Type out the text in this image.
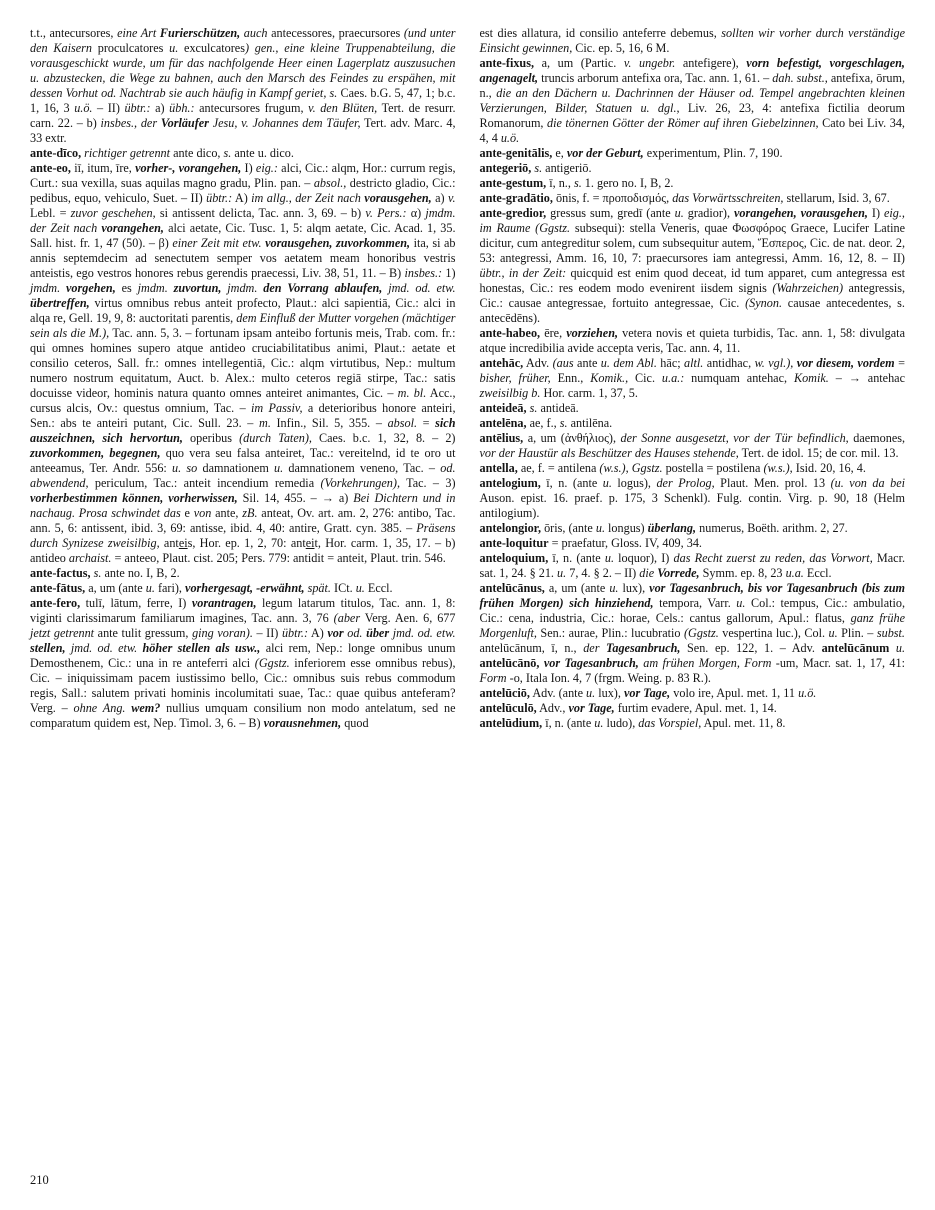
t.t., antecursores, eine Art Furierschützen, auch antecessores, praecursores (und unter den Kaisern proculcatores u. exculcatores) gen., eine kleine Truppenabteilung, die vorausgeschickt wurde, um für das nachfolgende Heer einen Lagerplatz auszusuchen u. abzustecken, die Wege zu bahnen, auch den Marsch des Feindes zu erspähen, mit dessen Vorhut od. Nachtrab sie auch häufig in Kampf geriet, s. Caes. b.G. 5, 47, 1; b.c. 1, 16, 3 u.ö. – II) übtr.: a) übh.: antecursores frugum, v. den Blüten, Tert. de resurr. carn. 22. – b) insbes., der Vorläufer Jesu, v. Johannes dem Täufer, Tert. adv. Marc. 4, 33 extr.

ante-dīco, richtiger getrennt ante dico, s. ante u. dico.

ante-eo, iī, itum, īre, vorher-, vorangehen, I) eig.: alci, Cic.: alqm, Hor.: currum regis, Curt.: sua vexilla, suas aquilas magno gradu, Plin. pan. – absol., destricto gladio, Cic.: pedibus, equo, vehiculo, Suet. – II) übtr.: A) im allg., der Zeit nach vorausgehen, a) v. Lebl. = zuvor geschehen, si antissent delicta, Tac. ann. 3, 69. – b) v. Pers.: α) jmdm. der Zeit nach vorangehen, alci aetate, Cic. Tusc. 1, 5: alqm aetate, Cic. Acad. 1, 35. Sall. hist. fr. 1, 47 (50). – β) einer Zeit mit etw. vorausgehen, zuvorkommen, ita, si ab annis septemdecim ad senectutem semper vos aetatem meam honoribus vestris anteistis, ego vestros honores rebus gerendis praecessi, Liv. 38, 51, 11. – B) insbes.: 1) jmdm. vorgehen, es jmdm. zuvortun, jmdm. den Vorrang ablaufen, jmd. od. etw. übertreffen, virtus omnibus rebus anteit profecto, Plaut.: alci sapientiā, Cic.: alci in alqa re, Gell. 19, 9, 8: auctoritati parentis, dem Einfluß der Mutter vorgehen (mächtiger sein als die M.), Tac. ann. 5, 3. – fortunam ipsam anteibo fortunis meis, Trab. com. fr.: qui omnes homines supero atque antideo cruciabilitatibus animi, Plaut.: aetate et consilio ceteros, Sall. fr.: omnes intellegentiā, Cic.: alqm virtutibus, Nep.: multum numero nostrum equitatum, Auct. b. Alex.: multo ceteros regiā stirpe, Tac.: satis docuisse videor, hominis natura quanto omnes anteiret animantes, Cic. – m. bl. Acc., cursus alcis, Ov.: questus omnium, Tac. – im Passiv, a deterioribus honore anteiri, Sen.: abs te anteiri putant, Cic. Sull. 23. – m. Infin., Sil. 5, 355. – absol. = sich auszeichnen, sich hervortun, operibus (durch Taten), Caes. b.c. 1, 32, 8. – 2) zuvorkommen, begegnen, quo vera seu falsa anteiret, Tac.: vereitelnd, id te oro ut anteeamus, Ter. Andr. 556: u. so damnationem u. damnationem veneno, Tac. – od. abwendend, periculum, Tac.: anteit incendium remedia (Vorkehrungen), Tac. – 3) vorherbestimmen können, vorherwissen, Sil. 14, 455. – → a) Bei Dichtern und in nachaug. Prosa schwindet das e von ante, zB. anteat, Ov. art. am. 2, 276: antibo, Tac. ann. 5, 6: antissent, ibid. 3, 69: antisse, ibid. 4, 40: antire, Gratt. cyn. 385. – Präsens durch Synizese zweisilbig, anteis, Hor. ep. 1, 2, 70: anteit, Hor. carm. 1, 35, 17. – b) antideo archaist. = anteeo, Plaut. cist. 205; Pers. 779: antidit = anteit, Plaut. trin. 546.

ante-factus, s. ante no. I, B, 2.

ante-fātus, a, um (ante u. fari), vorhergesagt, -erwähnt, spät. ICt. u. Eccl.

ante-fero, tulī, lātum, ferre, I) vorantragen, legum latarum titulos, Tac. ann. 1, 8: viginti clarissimarum familiarum imagines, Tac. ann. 3, 76 (aber Verg. Aen. 6, 677 jetzt getrennt ante tulit gressum, ging voran). – II) übtr.: A) vor od. über jmd. od. etw. stellen, jmd. od. etw. höher stellen als usw., alci rem, Nep.: longe omnibus unum Demosthenem, Cic.: una in re anteferri alci (Ggstz. inferiorem esse omnibus rebus), Cic. – iniquissimam pacem iustissimo bello, Cic.: omnibus suis rebus commodum regis, Sall.: salutem privati hominis incolumitati suae, Tac.: quae quibus anteferam? Verg. – ohne Ang. wem? nullius umquam consilium non modo antelatum, sed ne comparatum quidem est, Nep. Timol. 3, 6. – B) vorausnehmen, quod

est dies allatura, id consilio anteferre debemus, sollten wir vorher durch verständige Einsicht gewinnen, Cic. ep. 5, 16, 6 M.

ante-fixus, a, um (Partic. v. ungebr. antefigere), vorn befestigt, vorgeschlagen, angenagelt, truncis arborum antefixa ora, Tac. ann. 1, 61. – dah. subst., antefixa, ōrum, n., die an den Dächern u. Dachrinnen der Häuser od. Tempel angebrachten kleinen Verzierungen, Bilder, Statuen u. dgl., Liv. 26, 23, 4: antefixa fictilia deorum Romanorum, die tönernen Götter der Römer auf ihren Giebelzinnen, Cato bei Liv. 34, 4, 4 u.ö.

ante-genitālis, e, vor der Geburt, experimentum, Plin. 7, 190.

antegeriō, s. antigeriō.

ante-gestum, ī, n., s. 1. gero no. I, B, 2.

ante-gradātio, ōnis, f. = προποδισμός, das Vorwärtsschreiten, stellarum, Isid. 3, 67.

ante-gredior, gressus sum, gredī (ante u. gradior), vorangehen, vorausgehen, I) eig., im Raume (Ggstz. subsequi): stella Veneris, quae Φωσφόρος Graece, Lucifer Latine dicitur, cum antegreditur solem, cum subsequitur autem, Ἕσπερος, Cic. de nat. deor. 2, 53: antegressi, Amm. 16, 10, 7: praecursores iam antegressi, Amm. 16, 12, 8. – II) übtr., in der Zeit: quicquid est enim quod deceat, id tum apparet, cum antegressa est honestas, Cic.: res eodem modo evenirent iisdem signis (Wahrzeichen) antegressis, Cic.: causae antegressae, fortuito antegressae, Cic. (Synon. causae antecedentes, s. antecēdēns).

ante-habeo, ēre, vorziehen, vetera novis et quieta turbidis, Tac. ann. 1, 58: divulgata atque incredibilia avide accepta veris, Tac. ann. 4, 11.

antehāc, Adv. (aus ante u. dem Abl. hāc; altl. antidhac, w. vgl.), vor diesem, vordem = bisher, früher, Enn., Komik., Cic. u.a.: numquam antehac, Komik. – → antehac zweisilbig b. Hor. carm. 1, 37, 5.

anteideā, s. antideā.

antelēna, ae, f., s. antilēna.

antēlius, a, um (ἀνθήλιος), der Sonne ausgesetzt, vor der Tür befindlich, daemones, vor der Haustür als Beschützer des Hauses stehende, Tert. de idol. 15; de cor. mil. 13.

antella, ae, f. = antilena (w.s.), Ggstz. postella = postilena (w.s.), Isid. 20, 16, 4.

antelogium, ī, n. (ante u. logus), der Prolog, Plaut. Men. prol. 13 (u. von da bei Auson. epist. 16. praef. p. 175, 3 Schenkl). Fulg. contin. Virg. p. 90, 18 (Helm antilogium).

antelongior, ōris, (ante u. longus) überlang, numerus, Boëth. arithm. 2, 27.

ante-loquitur = praefatur, Gloss. IV, 409, 34.

anteloquium, ī, n. (ante u. loquor), I) das Recht zuerst zu reden, das Vorwort, Macr. sat. 1, 24. § 21. u. 7, 4. § 2. – II) die Vorrede, Symm. ep. 8, 23 u.a. Eccl.

antelūcānus, a, um (ante u. lux), vor Tagesanbruch, bis vor Tagesanbruch (bis zum frühen Morgen) sich hinziehend, tempora, Varr. u. Col.: tempus, Cic.: ambulatio, Cic.: cena, industria, Cic.: horae, Cels.: cantus gallorum, Apul.: flatus, ganz frühe Morgenluft, Sen.: aurae, Plin.: lucubratio (Ggstz. vespertina luc.), Col. u. Plin. – subst. antelūcānum, ī, n., der Tagesanbruch, Sen. ep. 122, 1. – Adv. antelūcānum u. antelūcānō, vor Tagesanbruch, am frühen Morgen, Form -um, Macr. sat. 1, 17, 41: Form -o, Itala Ion. 4, 7 (frgm. Weing. p. 83 R.).

antelūciō, Adv. (ante u. lux), vor Tage, volo ire, Apul. met. 1, 11 u.ö.

antelūculō, Adv., vor Tage, furtim evadere, Apul. met. 1, 14.

antelūdium, ī, n. (ante u. ludo), das Vorspiel, Apul. met. 11, 8.

210
